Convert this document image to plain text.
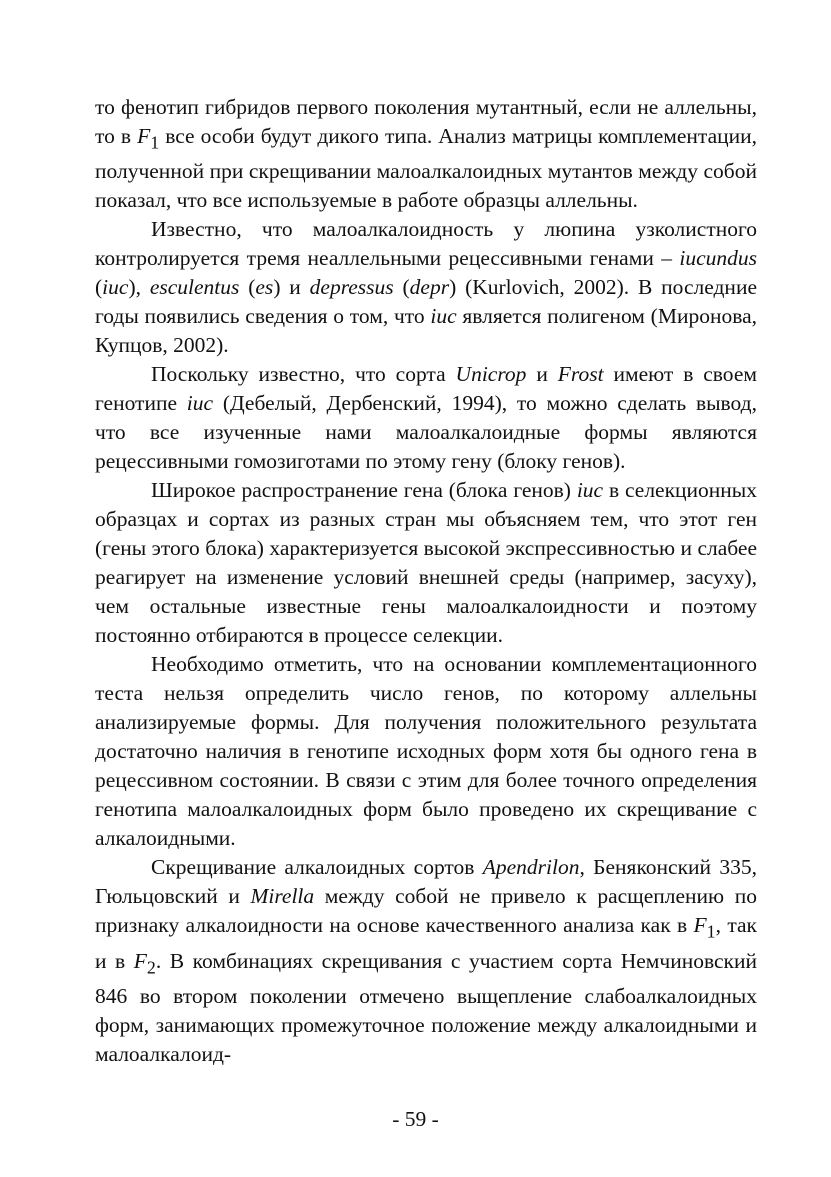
то фенотип гибридов первого поколения мутантный, если не аллельны, то в $F_1$ все особи будут дикого типа. Анализ матрицы комплементации, полученной при скрещивании малоалкалоидных мутантов между собой показал, что все используемые в работе образцы аллельны.

Известно, что малоалкалоидность у люпина узколистного контролируется тремя неаллельными рецессивными генами – iucundus (iuc), esculentus (es) и depressus (depr) (Kurlovich, 2002). В последние годы появились сведения о том, что iuc является полигеном (Миронова, Купцов, 2002).

Поскольку известно, что сорта Unicrop и Frost имеют в своем генотипе iuc (Дебелый, Дербенский, 1994), то можно сделать вывод, что все изученные нами малоалкалоидные формы являются рецессивными гомозиготами по этому гену (блоку генов).

Широкое распространение гена (блока генов) iuc в селекционных образцах и сортах из разных стран мы объясняем тем, что этот ген (гены этого блока) характеризуется высокой экспрессивностью и слабее реагирует на изменение условий внешней среды (например, засуху), чем остальные известные гены малоалкалоидности и поэтому постоянно отбираются в процессе селекции.

Необходимо отметить, что на основании комплементационного теста нельзя определить число генов, по которому аллельны анализируемые формы. Для получения положительного результата достаточно наличия в генотипе исходных форм хотя бы одного гена в рецессивном состоянии. В связи с этим для более точного определения генотипа малоалкалоидных форм было проведено их скрещивание с алкалоидными.

Скрещивание алкалоидных сортов Apendrilon, Беняконский 335, Гюльцовский и Mirella между собой не привело к расщеплению по признаку алкалоидности на основе качественного анализа как в $F_1$, так и в $F_2$. В комбинациях скрещивания с участием сорта Немчиновский 846 во втором поколении отмечено выщепление слабоалкалоидных форм, занимающих промежуточное положение между алкалоидными и малоалкалоид-

- 59 -
